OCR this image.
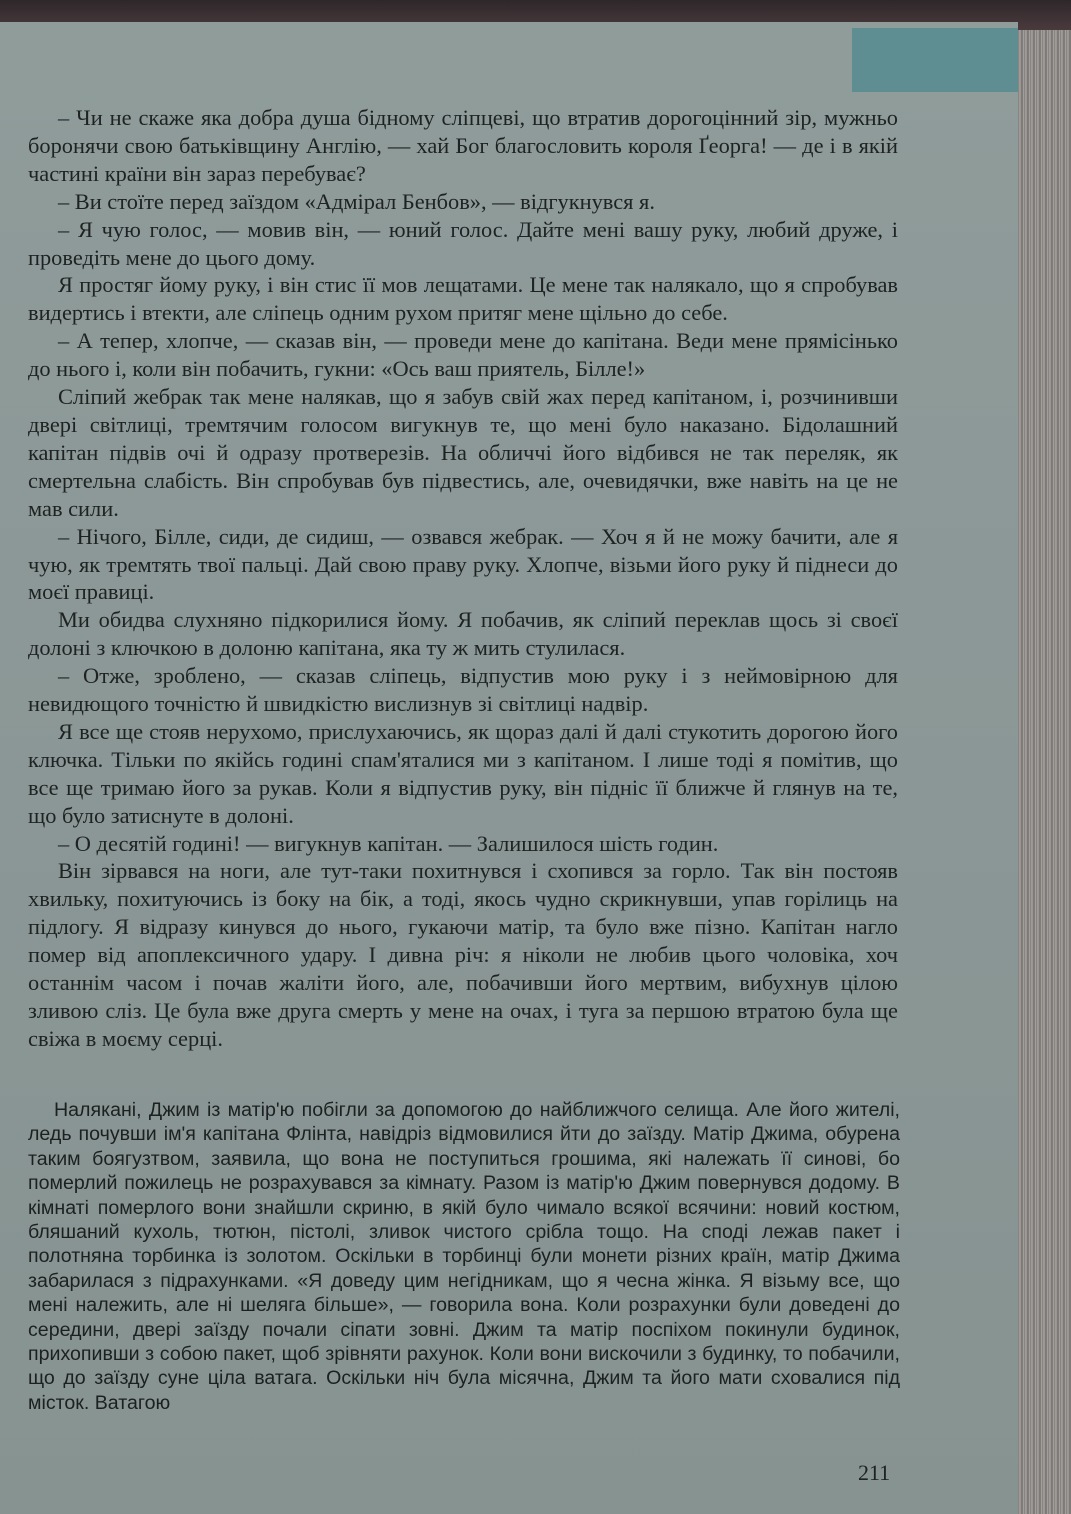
– Чи не скаже яка добра душа бідному сліпцеві, що втратив дорогоцінний зір, мужньо боронячи свою батьківщину Англію, — хай Бог благословить короля Ґеорга! — де і в якій частині країни він зараз перебуває?

– Ви стоїте перед заїздом «Адмірал Бенбов», — відгукнувся я.

– Я чую голос, — мовив він, — юний голос. Дайте мені вашу руку, любий друже, і проведіть мене до цього дому.

Я простяг йому руку, і він стис її мов лещатами. Це мене так налякало, що я спробував видертись і втекти, але сліпець одним рухом притяг мене щільно до себе.

– А тепер, хлопче, — сказав він, — проведи мене до капітана. Веди мене прямісінько до нього і, коли він побачить, гукни: «Ось ваш приятель, Білле!»

Сліпий жебрак так мене налякав, що я забув свій жах перед капітаном, і, розчинивши двері світлиці, тремтячим голосом вигукнув те, що мені було наказано. Бідолашний капітан підвів очі й одразу протверезів. На обличчі його відбився не так переляк, як смертельна слабість. Він спробував був підвестись, але, очевидячки, вже навіть на це не мав сили.

– Нічого, Білле, сиди, де сидиш, — озвався жебрак. — Хоч я й не можу бачити, але я чую, як тремтять твої пальці. Дай свою праву руку. Хлопче, візьми його руку й піднеси до моєї правиці.

Ми обидва слухняно підкорилися йому. Я побачив, як сліпий переклав щось зі своєї долоні з ключкою в долоню капітана, яка ту ж мить стулилася.

– Отже, зроблено, — сказав сліпець, відпустив мою руку і з неймовірною для невидющого точністю й швидкістю вислизнув зі світлиці надвір.

Я все ще стояв нерухомо, прислухаючись, як щораз далі й далі стукотить дорогою його ключка. Тільки по якійсь годині спам'яталися ми з капітаном. І лише тоді я помітив, що все ще тримаю його за рукав. Коли я відпустив руку, він підніс її ближче й глянув на те, що було затиснуте в долоні.

– О десятій годині! — вигукнув капітан. — Залишилося шість годин.

Він зірвався на ноги, але тут-таки похитнувся і схопився за горло. Так він постояв хвильку, похитуючись із боку на бік, а тоді, якось чудно скрикнувши, упав горілиць на підлогу. Я відразу кинувся до нього, гукаючи матір, та було вже пізно. Капітан нагло помер від апоплексичного удару. І дивна річ: я ніколи не любив цього чоловіка, хоч останнім часом і почав жаліти його, але, побачивши його мертвим, вибухнув цілою зливою сліз. Це була вже друга смерть у мене на очах, і туга за першою втратою була ще свіжа в моєму серці.

Налякані, Джим із матір'ю побігли за допомогою до найближчого селища. Але його жителі, ледь почувши ім'я капітана Флінта, навідріз відмовилися йти до заїзду. Матір Джима, обурена таким боягузтвом, заявила, що вона не поступиться грошима, які належать її синові, бо померлий пожилець не розрахувався за кімнату. Разом із матір'ю Джим повернувся додому. В кімнаті померлого вони знайшли скриню, в якій було чимало всякої всячини: новий костюм, бляшаний кухоль, тютюн, пістолі, зливок чистого срібла тощо. На споді лежав пакет і полотняна торбинка із золотом. Оскільки в торбинці були монети різних країн, матір Джима забарилася з підрахунками. «Я доведу цим негідникам, що я чесна жінка. Я візьму все, що мені належить, але ні шеляга більше», — говорила вона. Коли розрахунки були доведені до середини, двері заїзду почали сіпати зовні. Джим та матір поспіхом покинули будинок, прихопивши з собою пакет, щоб зрівняти рахунок. Коли вони вискочили з будинку, то побачили, що до заїзду суне ціла ватага. Оскільки ніч була місячна, Джим та його мати сховалися під місток. Ватагою

211
